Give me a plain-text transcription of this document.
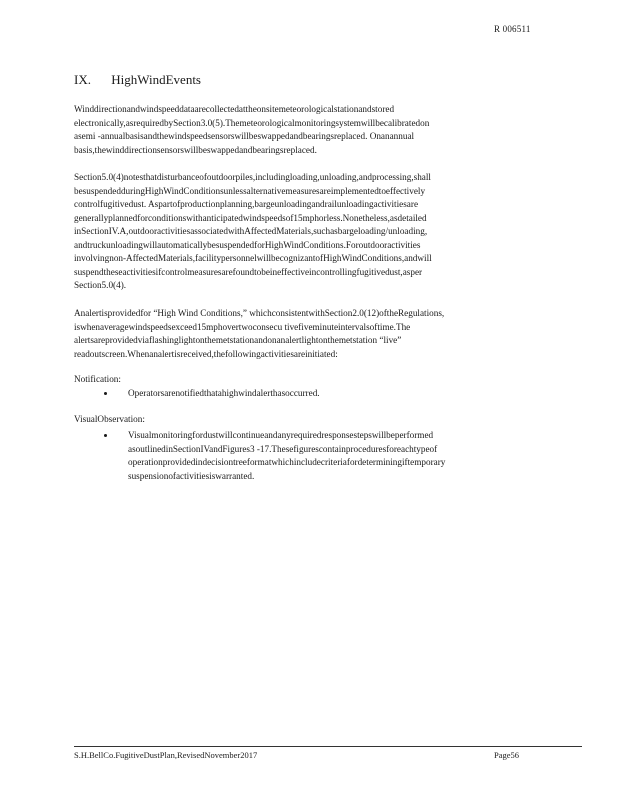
R 006511
IX. HighWindEvents

Winddirectionandwindspeeddataarecollectedattheonsitemeteorologicalstationandstored
electronically,asrequiredbySection3.0(5).Themeteorologicalmonitoringsystemwillbecalibratedon
asemi -annualbasisandthewindspeedsensorswillbeswappedandbearingsreplaced. Onanannual
basis,thewinddirectionsensorswillbeswappedandbearingsreplaced.

Section5.0(4)notesthatdisturbanceofoutdoorpiles,includingloading,unloading,andprocessing,shall
besuspendedduringHighWindConditionsunlessalternativemeasuresareimplementedtoeffectively
controlfugitivedust. Aspartofproductionplanning,bargeunloadingandrailunloadingactivitiesare
generallyplannedforconditionswithanticipatedwindspeedsof15mphorless.Nonetheless,asdetailed
inSectionIV.A,outdooractivitiesassociatedwithAffectedMaterials,suchasbargeloading/unloading,
andtruckunloadingwillautomaticallybesuspendedforHighWindConditions.Foroutdooractivities
involvingnon-AffectedMaterials,facilitypersonnelwillbecognizantofHighWindConditions,andwill
suspendtheseactivitiesifcontrolmeasuresarefoundtobeineffectiveincontrollingfugitivedust,asper
Section5.0(4).

Analertisprovidedfor “High Wind Conditions,” whichconsistentwithSection2.0(12)oftheRegulations,
iswhenaveragewindspeedsexceed15mphovertwoconsecu tivefiveminuteintervalsoftime.The
alertsareprovidedviaflashinglightonthemetstationandonanalertlightonthemetstation “live”
readoutscreen.Whenanalertisreceived,thefollowingactivitiesareinitiated:

Notification:
Operatorsarenotifiedthatahighwindalerthasoccurred.
VisualObservation:
Visualmonitoringfordustwillcontinueandanyrequiredresponsestepswillbeperformed
asoutlinedinSectionIVandFigures3 -17.Thesefigurescontainproceduresforeachtypeof
operationprovidedindecisiontreeformatwhichincludecriteriafordeterminingiftemporary
suspensionofactivitiesiswarranted.
S.H.BellCo.FugitiveDustPlan,RevisedNovember2017	Page56
